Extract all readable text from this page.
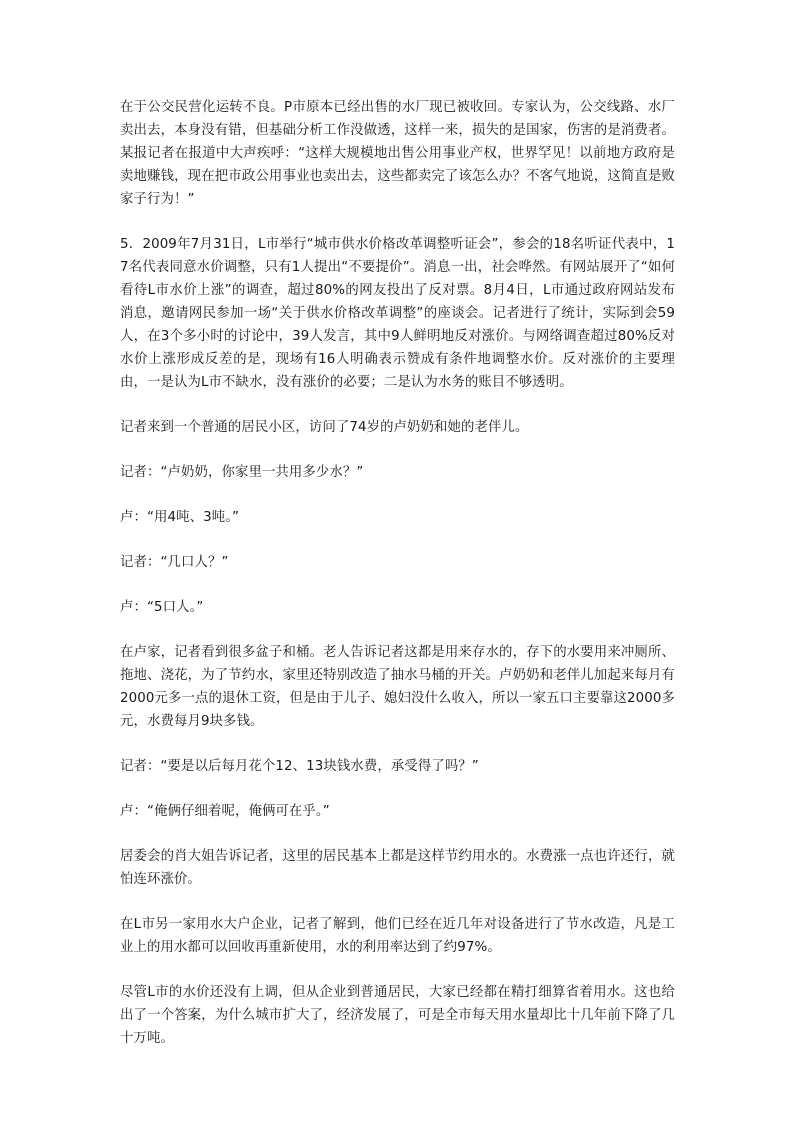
在于公交民营化运转不良。P市原本已经出售的水厂现已被收回。专家认为，公交线路、水厂卖出去，本身没有错，但基础分析工作没做透，这样一来，损失的是国家，伤害的是消费者。某报记者在报道中大声疾呼：“这样大规模地出售公用事业产权，世界罕见！以前地方政府是卖地赚钱，现在把市政公用事业也卖出去，这些都卖完了该怎么办？不客气地说，这简直是败家子行为！”

5．2009年7月31日，L市举行“城市供水价格改革调整听证会”，参会的18名听证代表中，17名代表同意水价调整，只有1人提出“不要提价”。消息一出，社会哗然。有网站展开了“如何看待L市水价上涨”的调查，超过80%的网友投出了反对票。8月4日，L市通过政府网站发布消息，邀请网民参加一场“关于供水价格改革调整”的座谈会。记者进行了统计，实际到会59人，在3个多小时的讨论中，39人发言，其中9人鲜明地反对涨价。与网络调查超过80%反对水价上涨形成反差的是，现场有16人明确表示赞成有条件地调整水价。反对涨价的主要理由，一是认为L市不缺水，没有涨价的必要；二是认为水务的账目不够透明。

记者来到一个普通的居民小区，访问了74岁的卢奶奶和她的老伴儿。

记者：“卢奶奶，你家里一共用多少水？”

卢：“用4吨、3吨。”

记者：“几口人？”

卢：“5口人。”

在卢家，记者看到很多盆子和桶。老人告诉记者这都是用来存水的，存下的水要用来冲厕所、拖地、浇花，为了节约水，家里还特别改造了抽水马桶的开关。卢奶奶和老伴儿加起来每月有2000元多一点的退休工资，但是由于儿子、媳妇没什么收入，所以一家五口主要靠这2000多元，水费每月9块多钱。

记者：“要是以后每月花个12、13块钱水费，承受得了吗？”

卢：“俺俩仔细着呢，俺俩可在乎。”

居委会的肖大姐告诉记者，这里的居民基本上都是这样节约用水的。水费涨一点也许还行，就怕连环涨价。

在L市另一家用水大户企业，记者了解到，他们已经在近几年对设备进行了节水改造，凡是工业上的用水都可以回收再重新使用，水的利用率达到了约97%。

尽管L市的水价还没有上调，但从企业到普通居民，大家已经都在精打细算省着用水。这也给出了一个答案，为什么城市扩大了，经济发展了，可是全市每天用水量却比十几年前下降了几十万吨。
